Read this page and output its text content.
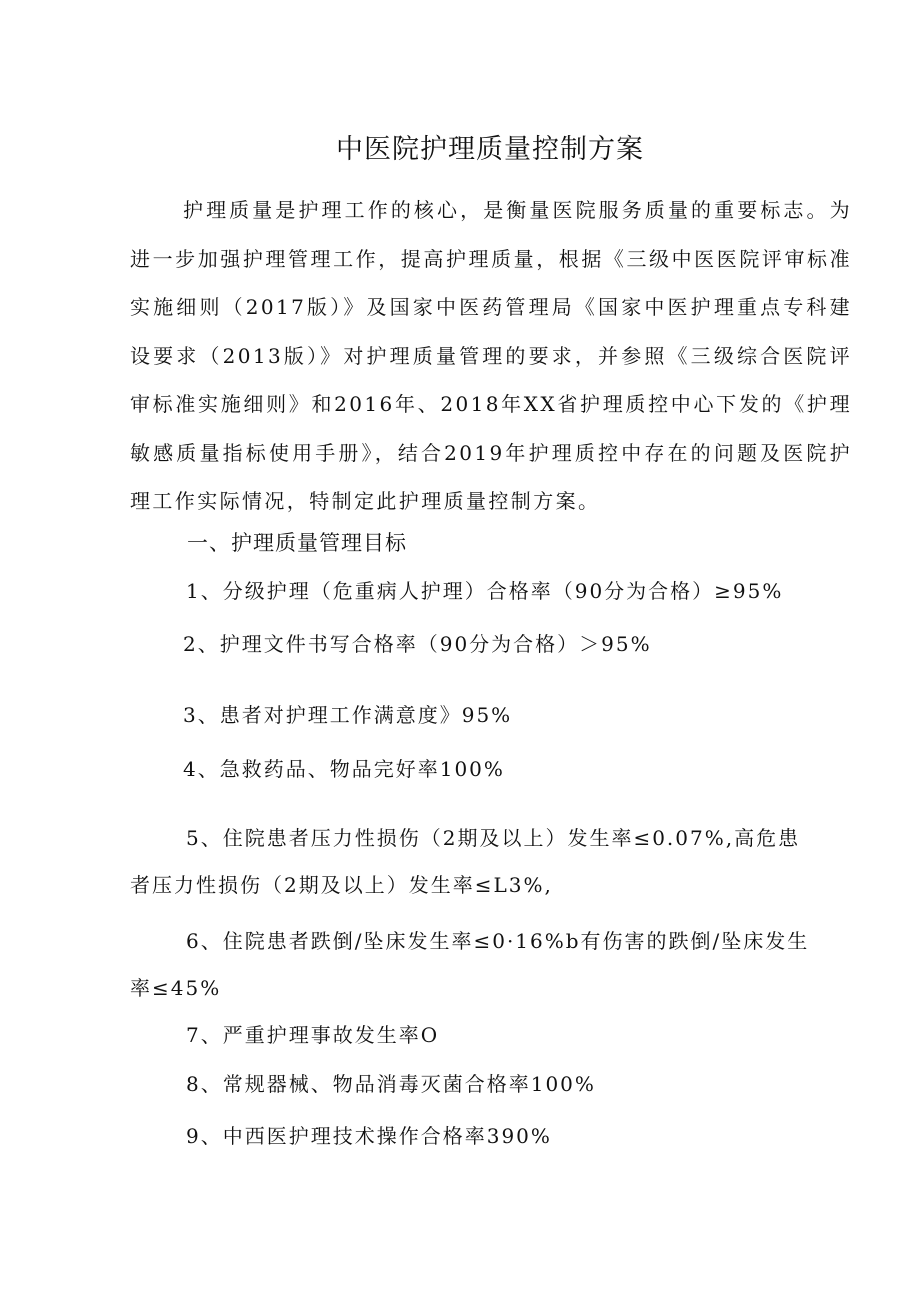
中医院护理质量控制方案

护理质量是护理工作的核心，是衡量医院服务质量的重要标志。为进一步加强护理管理工作，提高护理质量，根据《三级中医医院评审标准实施细则（2017版）》及国家中医药管理局《国家中医护理重点专科建设要求（2013版）》对护理质量管理的要求，并参照《三级综合医院评审标准实施细则》和2016年、2018年XX省护理质控中心下发的《护理敏感质量指标使用手册》，结合2019年护理质控中存在的问题及医院护理工作实际情况，特制定此护理质量控制方案。

一、护理质量管理目标
1、分级护理（危重病人护理）合格率（90分为合格）≥95%
2、护理文件书写合格率（90分为合格）＞95%
3、患者对护理工作满意度》95%
4、急救药品、物品完好率100%

5、住院患者压力性损伤（2期及以上）发生率≤0.07%,高危患者压力性损伤（2期及以上）发生率≤L3%,

6、住院患者跌倒/坠床发生率≤0·16%b有伤害的跌倒/坠床发生率≤45%

7、严重护理事故发生率O
8、常规器械、物品消毒灭菌合格率100%
9、中西医护理技术操作合格率390%
